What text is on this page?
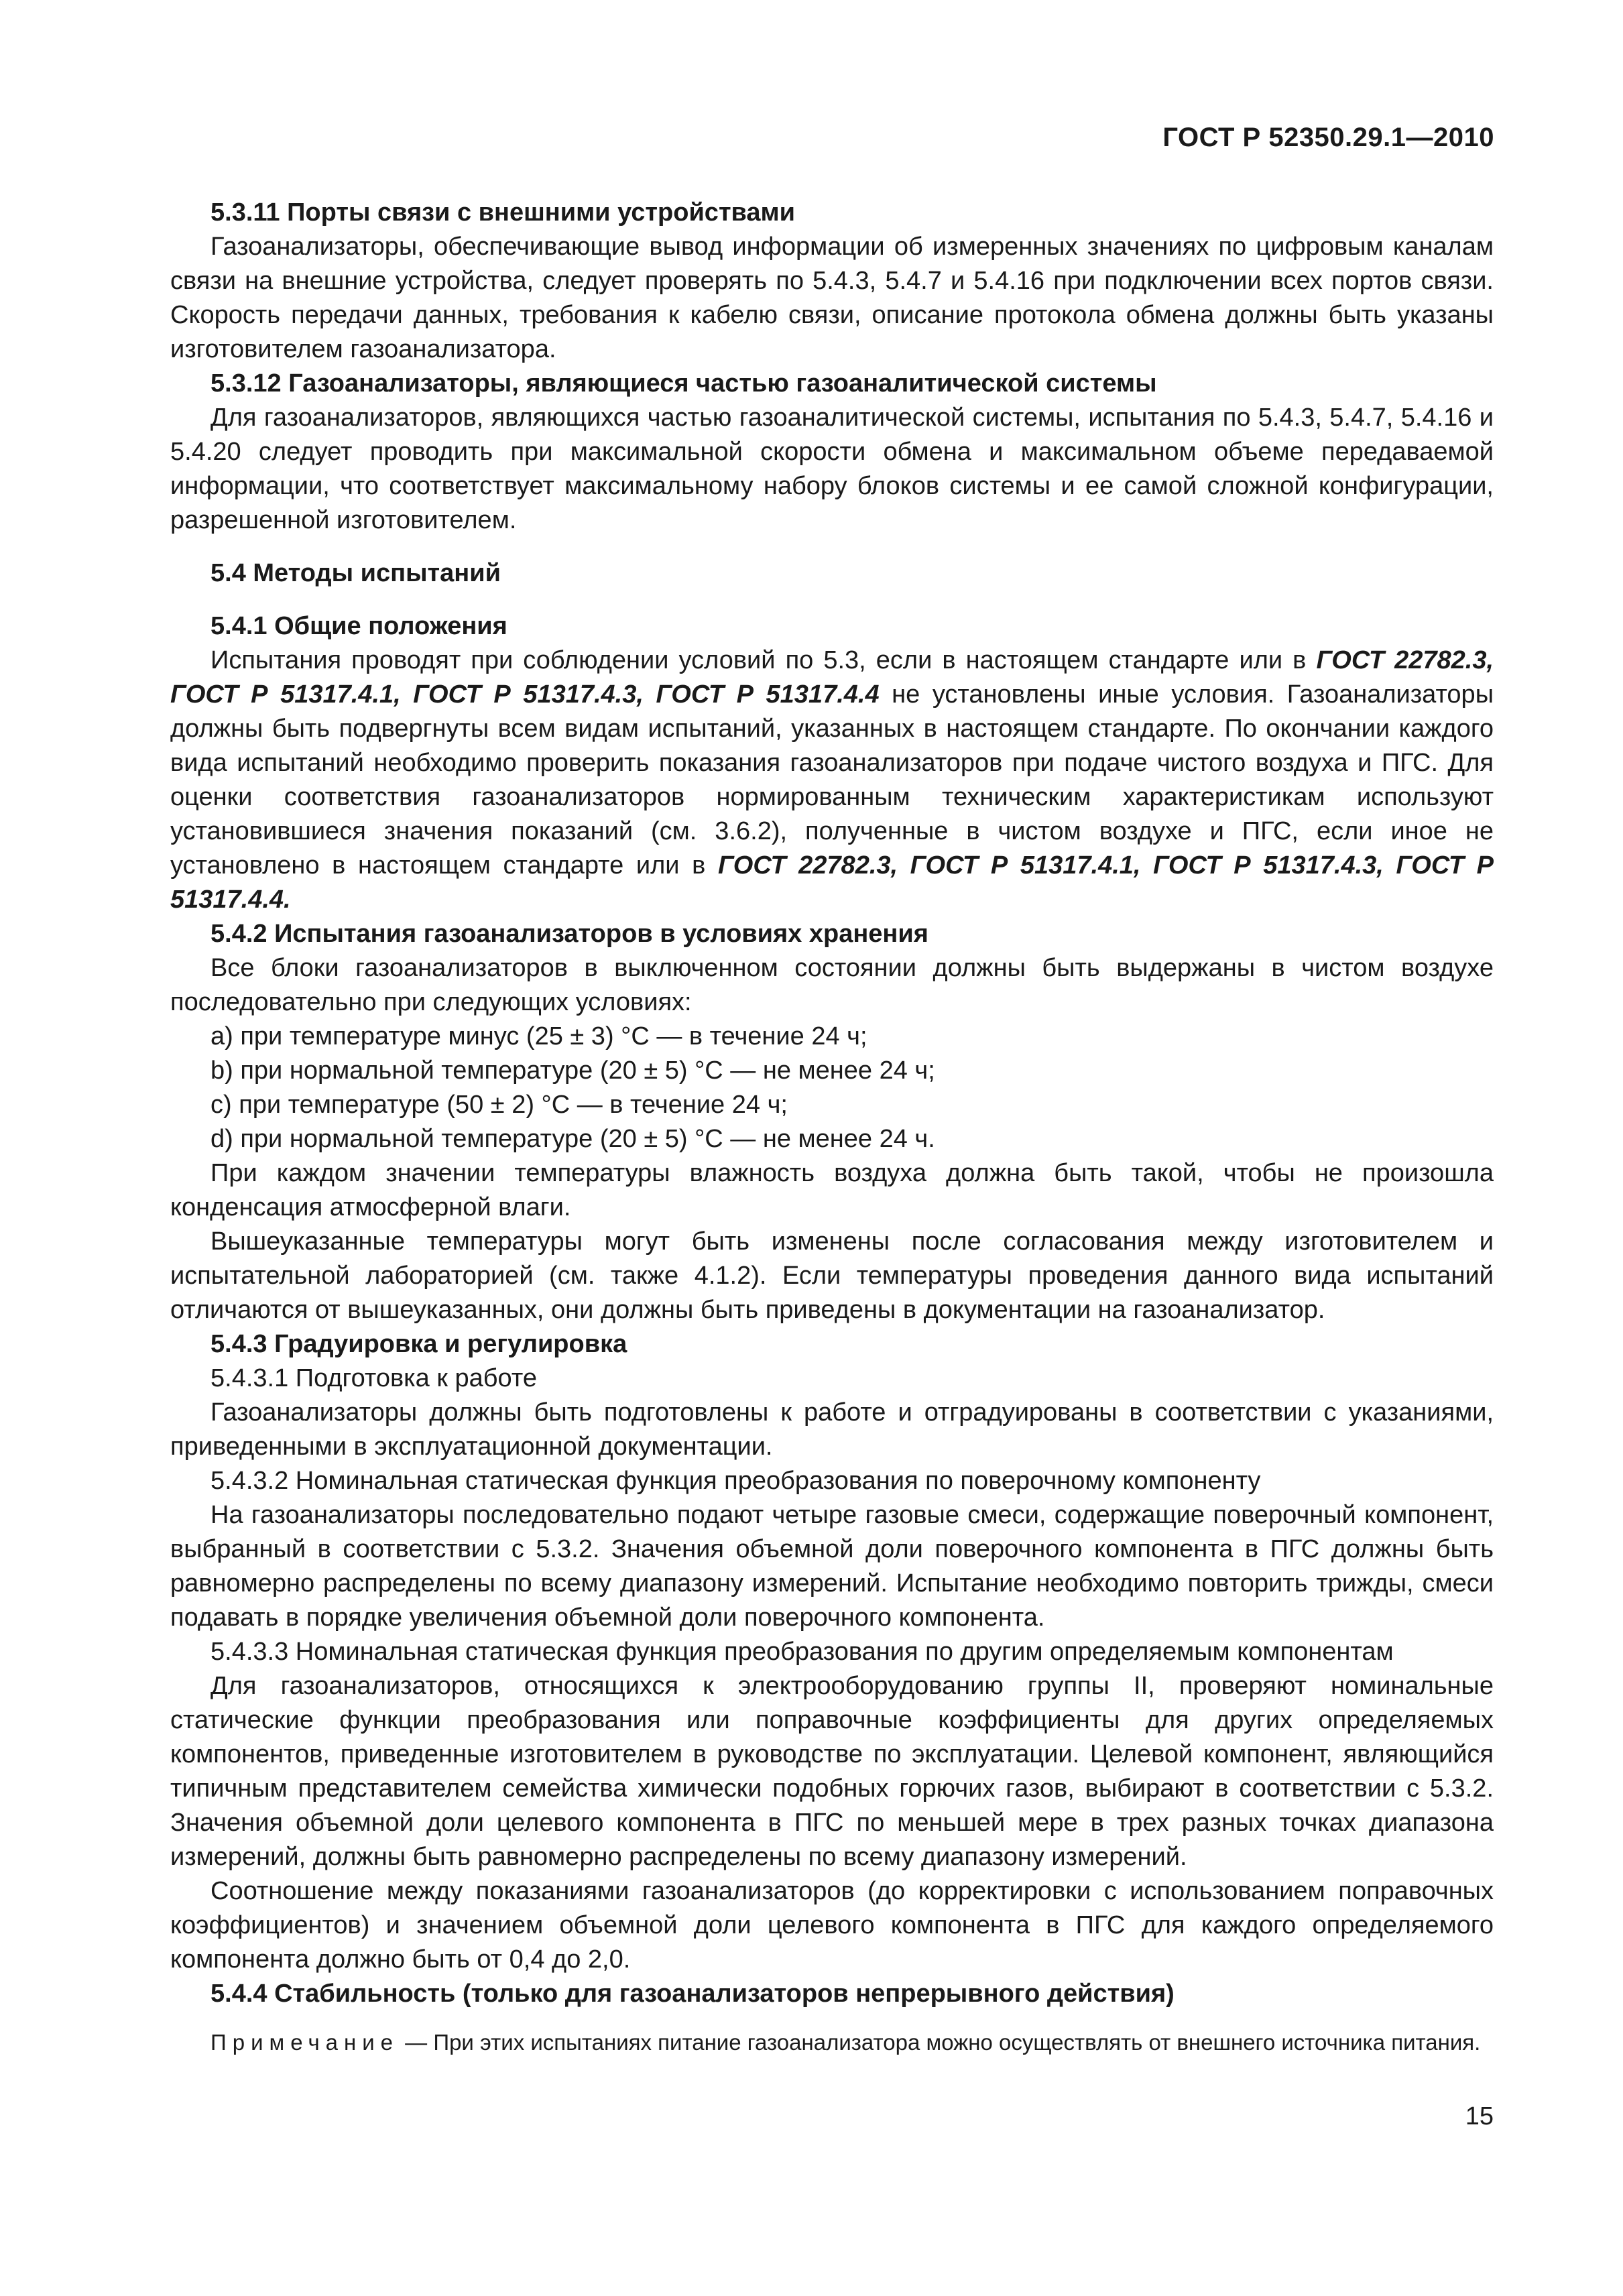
ГОСТ Р 52350.29.1—2010
5.3.11 Порты связи с внешними устройствами

Газоанализаторы, обеспечивающие вывод информации об измеренных значениях по цифровым каналам связи на внешние устройства, следует проверять по 5.4.3, 5.4.7 и 5.4.16 при подключении всех портов связи. Скорость передачи данных, требования к кабелю связи, описание протокола обмена должны быть указаны изготовителем газоанализатора.

5.3.12 Газоанализаторы, являющиеся частью газоаналитической системы

Для газоанализаторов, являющихся частью газоаналитической системы, испытания по 5.4.3, 5.4.7, 5.4.16 и 5.4.20 следует проводить при максимальной скорости обмена и максимальном объеме передаваемой информации, что соответствует максимальному набору блоков системы и ее самой сложной конфигурации, разрешенной изготовителем.

5.4 Методы испытаний
5.4.1 Общие положения

Испытания проводят при соблюдении условий по 5.3, если в настоящем стандарте или в ГОСТ 22782.3, ГОСТ Р 51317.4.1, ГОСТ Р 51317.4.3, ГОСТ Р 51317.4.4 не установлены иные условия. Газоанализаторы должны быть подвергнуты всем видам испытаний, указанных в настоящем стандарте. По окончании каждого вида испытаний необходимо проверить показания газоанализаторов при подаче чистого воздуха и ПГС. Для оценки соответствия газоанализаторов нормированным техническим характеристикам используют установившиеся значения показаний (см. 3.6.2), полученные в чистом воздухе и ПГС, если иное не установлено в настоящем стандарте или в ГОСТ 22782.3, ГОСТ Р 51317.4.1, ГОСТ Р 51317.4.3, ГОСТ Р 51317.4.4.

5.4.2 Испытания газоанализаторов в условиях хранения

Все блоки газоанализаторов в выключенном состоянии должны быть выдержаны в чистом воздухе последовательно при следующих условиях:

а) при температуре минус (25 ± 3) °С — в течение 24 ч;

b) при нормальной температуре (20 ± 5) °С — не менее 24 ч;

c) при температуре (50 ± 2) °С — в течение 24 ч;

d) при нормальной температуре (20 ± 5) °С — не менее 24 ч.

При каждом значении температуры влажность воздуха должна быть такой, чтобы не произошла конденсация атмосферной влаги.

Вышеуказанные температуры могут быть изменены после согласования между изготовителем и испытательной лабораторией (см. также 4.1.2). Если температуры проведения данного вида испытаний отличаются от вышеуказанных, они должны быть приведены в документации на газоанализатор.

5.4.3 Градуировка и регулировка

5.4.3.1 Подготовка к работе

Газоанализаторы должны быть подготовлены к работе и отградуированы в соответствии с указаниями, приведенными в эксплуатационной документации.

5.4.3.2 Номинальная статическая функция преобразования по поверочному компоненту

На газоанализаторы последовательно подают четыре газовые смеси, содержащие поверочный компонент, выбранный в соответствии с 5.3.2. Значения объемной доли поверочного компонента в ПГС должны быть равномерно распределены по всему диапазону измерений. Испытание необходимо повторить трижды, смеси подавать в порядке увеличения объемной доли поверочного компонента.

5.4.3.3 Номинальная статическая функция преобразования по другим определяемым компонентам

Для газоанализаторов, относящихся к электрооборудованию группы II, проверяют номинальные статические функции преобразования или поправочные коэффициенты для других определяемых компонентов, приведенные изготовителем в руководстве по эксплуатации. Целевой компонент, являющийся типичным представителем семейства химически подобных горючих газов, выбирают в соответствии с 5.3.2. Значения объемной доли целевого компонента в ПГС по меньшей мере в трех разных точках диапазона измерений, должны быть равномерно распределены по всему диапазону измерений.

Соотношение между показаниями газоанализаторов (до корректировки с использованием поправочных коэффициентов) и значением объемной доли целевого компонента в ПГС для каждого определяемого компонента должно быть от 0,4 до 2,0.

5.4.4 Стабильность (только для газоанализаторов непрерывного действия)

Примечание — При этих испытаниях питание газоанализатора можно осуществлять от внешнего источника питания.

15
